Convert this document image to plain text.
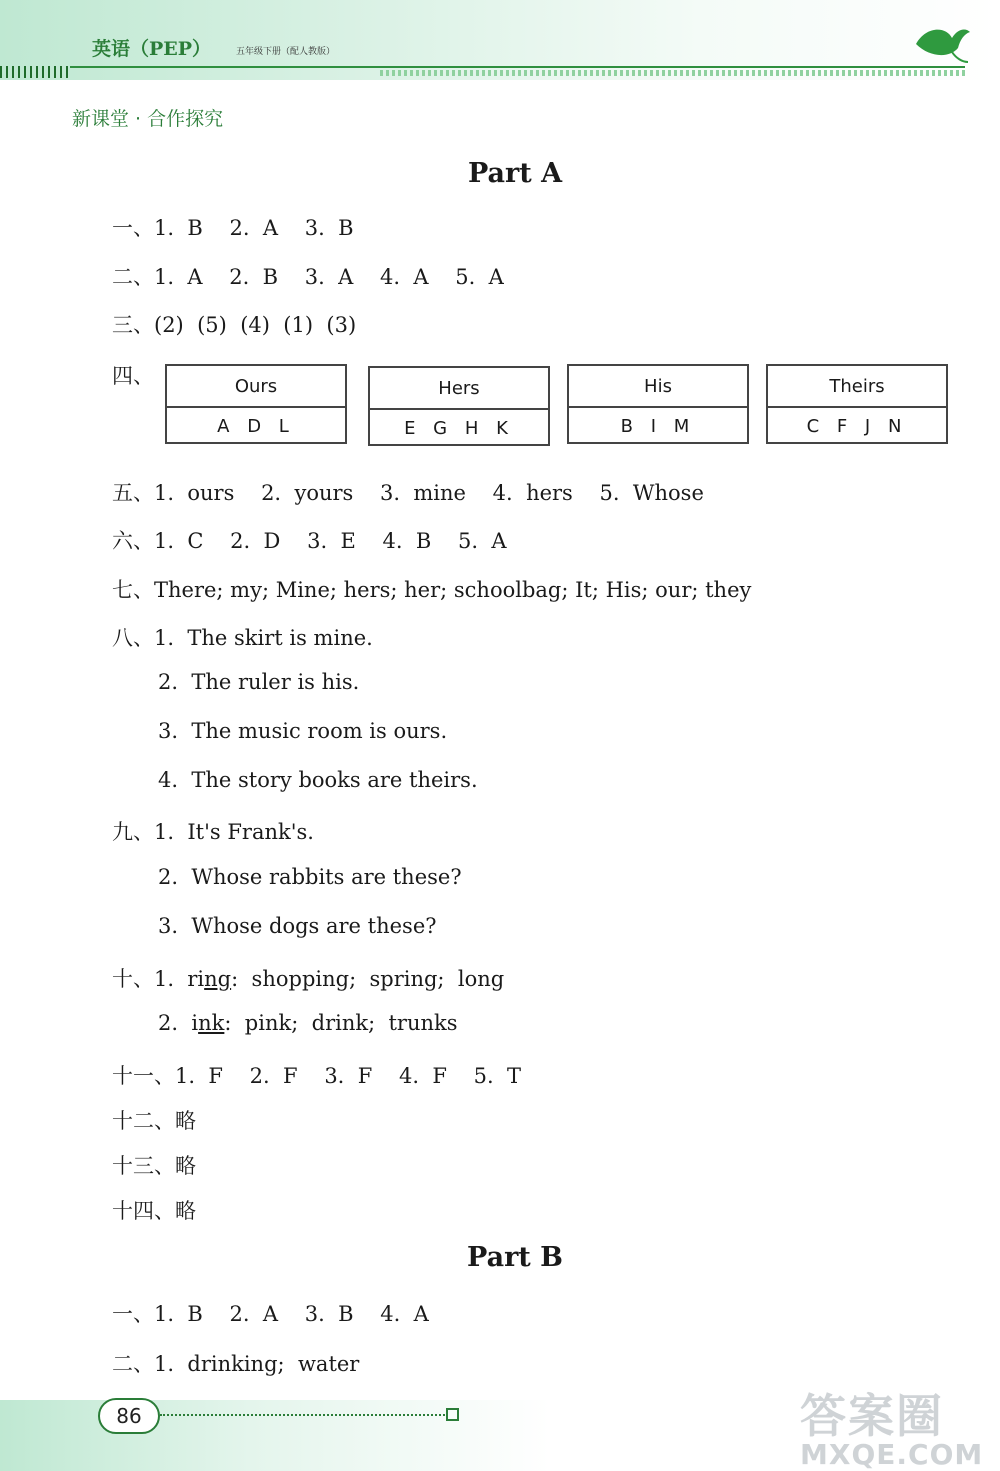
英语（PEP）	五年级下册（配人教版）
新课堂 · 合作探究
Part A
一、1.  B    2.  A    3.  B
二、1.  A    2.  B    3.  A    4.  A    5.  A
三、(2)  (5)  (4)  (1)  (3)
四、	Ours
A D L
Hers
E G H K
His
B I M
Theirs
C F J N
五、1.  ours    2.  yours    3.  mine    4.  hers    5.  Whose
六、1.  C    2.  D    3.  E    4.  B    5.  A
七、There; my; Mine; hers; her; schoolbag; It; His; our; they
八、1.  The skirt is mine.
2.  The ruler is his.
3.  The music room is ours.
4.  The story books are theirs.
九、1.  It's Frank's.
2.  Whose rabbits are these?
3.  Whose dogs are these?
十、1.  ring:  shopping;  spring;  long
2.  ink:  pink;  drink;  trunks
十一、1.  F    2.  F    3.  F    4.  F    5.  T
十二、略
十三、略
十四、略
Part B
一、1.  B    2.  A    3.  B    4.  A
二、1.  drinking;  water
86	答案圈
MXQE.COM
